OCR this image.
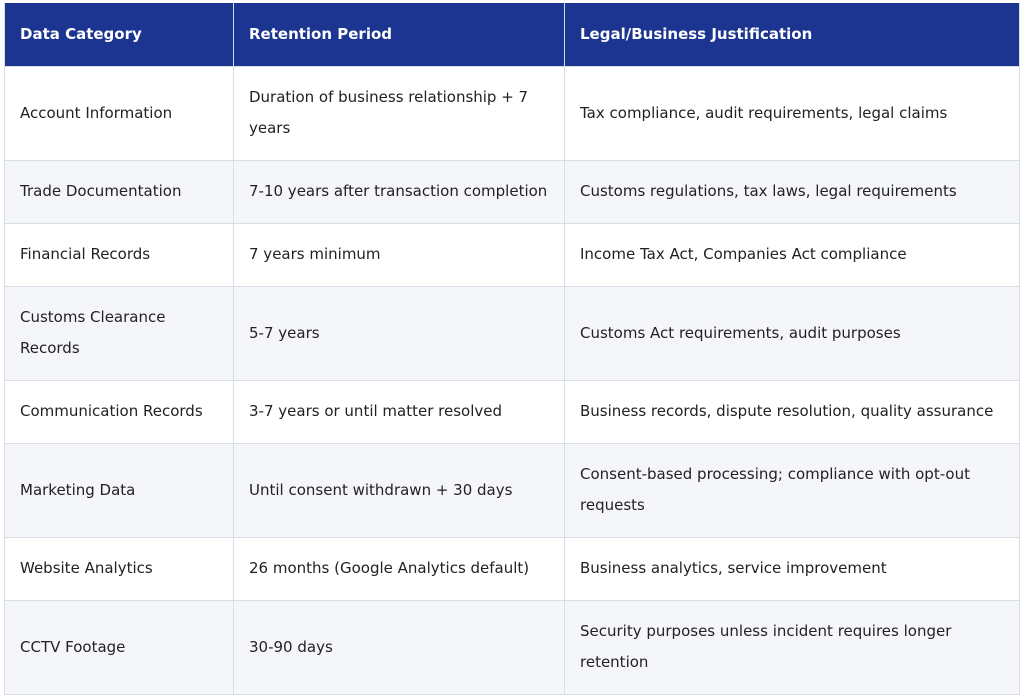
Data Category	Retention Period	Legal/Business Justification
Account Information	Duration of business relationship + 7 years	Tax compliance, audit requirements, legal claims
Trade Documentation	7-10 years after transaction completion	Customs regulations, tax laws, legal requirements
Financial Records	7 years minimum	Income Tax Act, Companies Act compliance
Customs Clearance Records	5-7 years	Customs Act requirements, audit purposes
Communication Records	3-7 years or until matter resolved	Business records, dispute resolution, quality assurance
Marketing Data	Until consent withdrawn + 30 days	Consent-based processing; compliance with opt-out requests
Website Analytics	26 months (Google Analytics default)	Business analytics, service improvement
CCTV Footage	30-90 days	Security purposes unless incident requires longer retention
